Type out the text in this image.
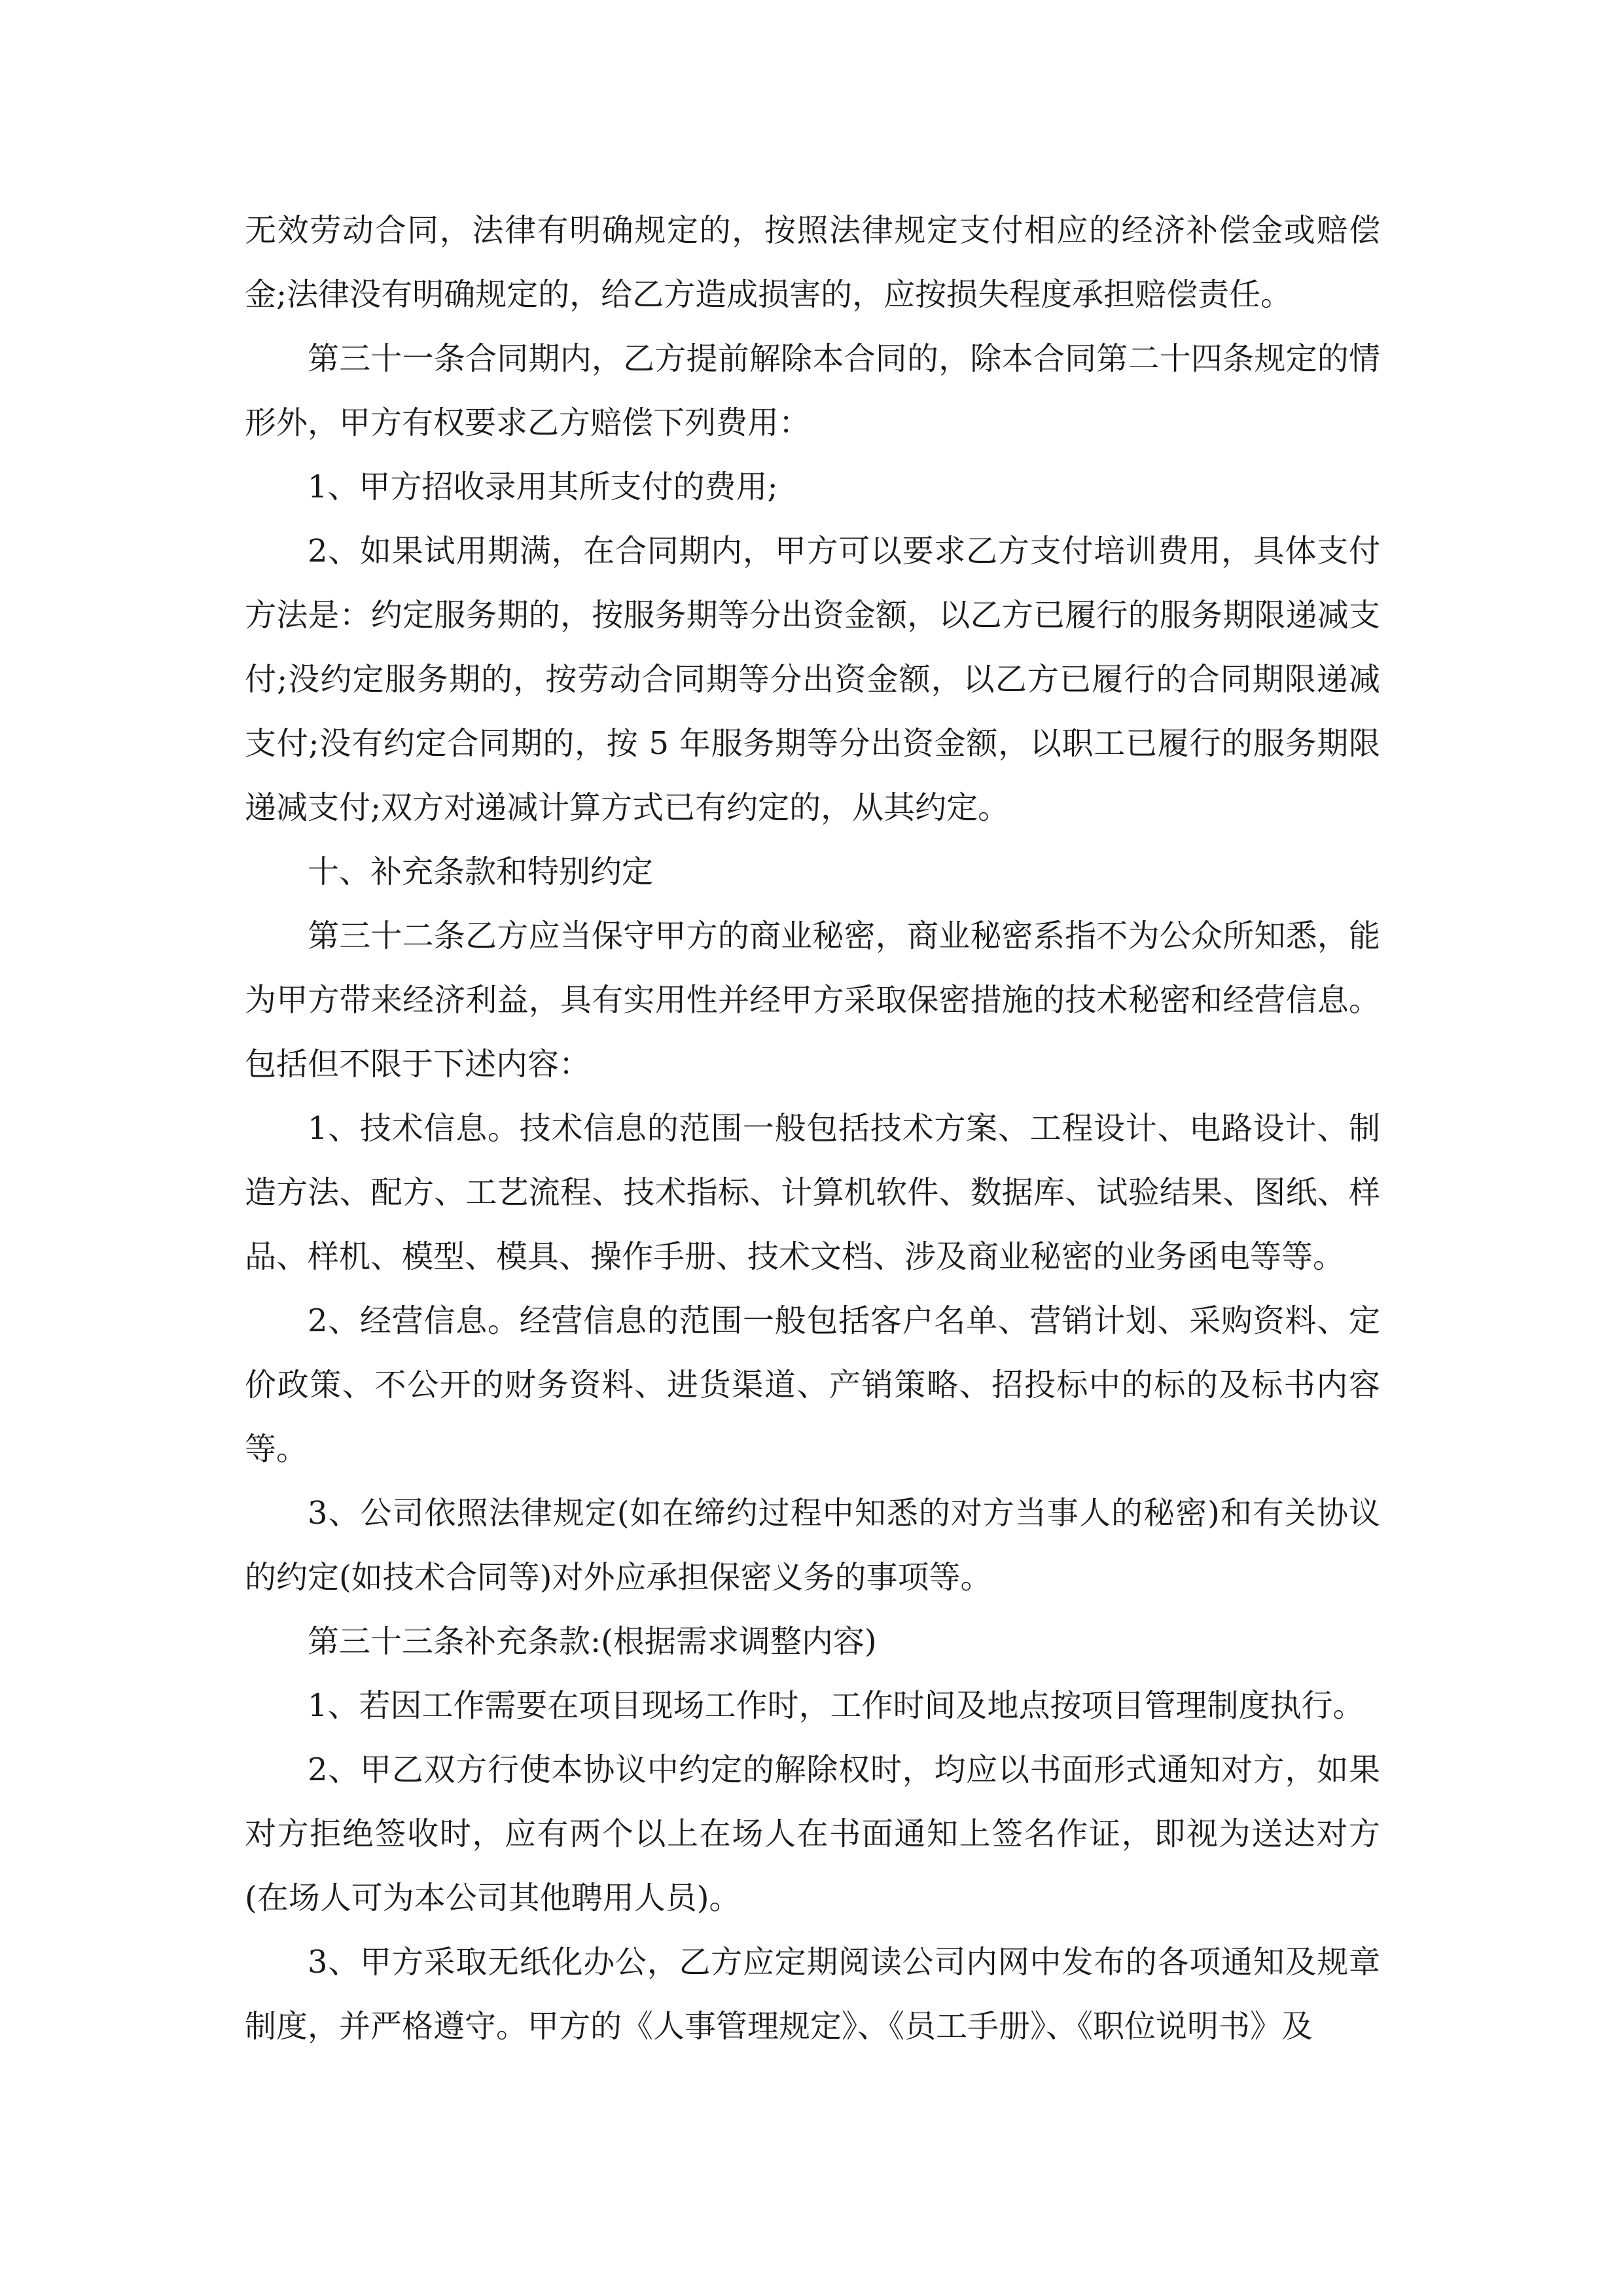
无效劳动合同，法律有明确规定的，按照法律规定支付相应的经济补偿金或赔偿金;法律没有明确规定的，给乙方造成损害的，应按损失程度承担赔偿责任。

第三十一条合同期内，乙方提前解除本合同的，除本合同第二十四条规定的情形外，甲方有权要求乙方赔偿下列费用：

1、甲方招收录用其所支付的费用;

2、如果试用期满，在合同期内，甲方可以要求乙方支付培训费用，具体支付方法是：约定服务期的，按服务期等分出资金额，以乙方已履行的服务期限递减支付;没约定服务期的，按劳动合同期等分出资金额，以乙方已履行的合同期限递减支付;没有约定合同期的，按 5 年服务期等分出资金额，以职工已履行的服务期限递减支付;双方对递减计算方式已有约定的，从其约定。

十、补充条款和特别约定

第三十二条乙方应当保守甲方的商业秘密，商业秘密系指不为公众所知悉，能为甲方带来经济利益，具有实用性并经甲方采取保密措施的技术秘密和经营信息。包括但不限于下述内容：

1、技术信息。技术信息的范围一般包括技术方案、工程设计、电路设计、制造方法、配方、工艺流程、技术指标、计算机软件、数据库、试验结果、图纸、样品、样机、模型、模具、操作手册、技术文档、涉及商业秘密的业务函电等等。

2、经营信息。经营信息的范围一般包括客户名单、营销计划、采购资料、定价政策、不公开的财务资料、进货渠道、产销策略、招投标中的标的及标书内容等。

3、公司依照法律规定(如在缔约过程中知悉的对方当事人的秘密)和有关协议的约定(如技术合同等)对外应承担保密义务的事项等。

第三十三条补充条款:(根据需求调整内容)

1、若因工作需要在项目现场工作时，工作时间及地点按项目管理制度执行。

2、甲乙双方行使本协议中约定的解除权时，均应以书面形式通知对方，如果对方拒绝签收时，应有两个以上在场人在书面通知上签名作证，即视为送达对方(在场人可为本公司其他聘用人员)。

3、甲方采取无纸化办公，乙方应定期阅读公司内网中发布的各项通知及规章制度，并严格遵守。甲方的《人事管理规定》、《员工手册》、《职位说明书》及
